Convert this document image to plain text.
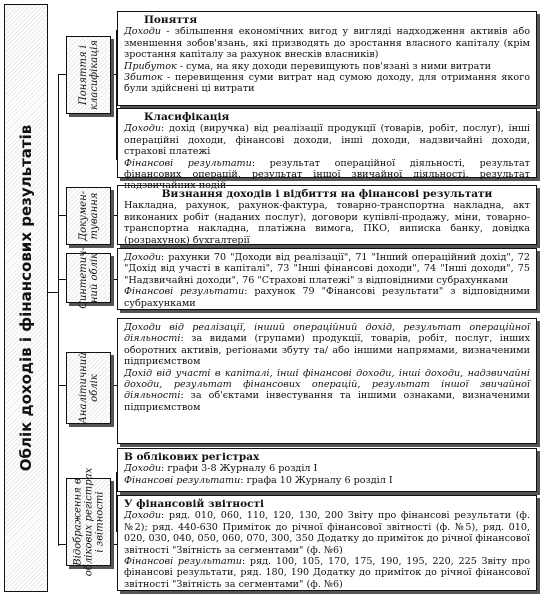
Облік доходів і фінансових результатів
Поняття і
класифікація
Докумен-
тування
Синтетич-
ний облік
Аналітичний
облік
Відображення в
облікових регістрах
і звітності
Поняття

Доходи - збільшення економічних вигод у вигляді надходження активів або зменшення зобов'язань, які призводять до зростання власного капіталу (крім зростання капіталу за рахунок внесків власників)

Прибуток - сума, на яку доходи перевищують пов'язані з ними витрати

Збиток - перевищення суми витрат над сумою доходу, для отримання якого були здійснені ці витрати

Класифікація

Доходи: дохід (виручка) від реалізації продукції (товарів, робіт, послуг), інші операційні доходи, фінансові доходи, інші доходи, надзвичайні доходи, страхові платежі

Фінансові результати: результат операційної діяльності, результат фінансових операцій, результат іншої звичайної діяльності, результат надзвичайних подій

Визнання доходів і відбиття на фінансові результати

Накладна, рахунок, рахунок-фактура, товарно-транспортна накладна, акт виконаних робіт (наданих послуг), договори купівлі-продажу, міни, товарно-транспортна накладна, платіжна вимога, ПКО, виписка банку, довідка (розрахунок) бухгалтерії

Доходи: рахунки 70 "Доходи від реалізації", 71 "Інший операційний дохід", 72 "Дохід від участі в капіталі", 73 "Інші фінансові доходи", 74 "Інші доходи", 75 "Надзвичайні доходи", 76 "Страхові платежі" з відповідними субрахунками

Фінансові результати: рахунок 79 "Фінансові результати" з відповідними субрахунками

Доходи від реалізації, інший операційний дохід, результат операційної діяльності: за видами (групами) продукції, товарів, робіт, послуг, інших оборотних активів, регіонами збуту та/ або іншими напрямами, визначеними підприємством

Дохід від участі в капіталі, інші фінансові доходи, інші доходи, надзвичайні доходи, результат фінансових операцій, результат іншої звичайної діяльності: за об'єктами інвестування та іншими ознаками, визначеними підприємством

В облікових регістрах

Доходи: графи 3-8 Журналу 6 розділ I

Фінансові результати: графа 10 Журналу 6 розділ I

У фінансовій звітності

Доходи: ряд. 010, 060, 110, 120, 130, 200 Звіту про фінансові результати (ф. №2); ряд. 440-630 Приміток до річної фінансової звітності (ф. №5), ряд. 010, 020, 030, 040, 050, 060, 070, 300, 350 Додатку до приміток до річної фінансової звітності "Звітність за сегментами" (ф. №6)

Фінансові результати: ряд. 100, 105, 170, 175, 190, 195, 220, 225 Звіту про фінансові результати, ряд. 180, 190 Додатку до приміток до річної фінансової звітності "Звітність за сегментами" (ф. №6)
